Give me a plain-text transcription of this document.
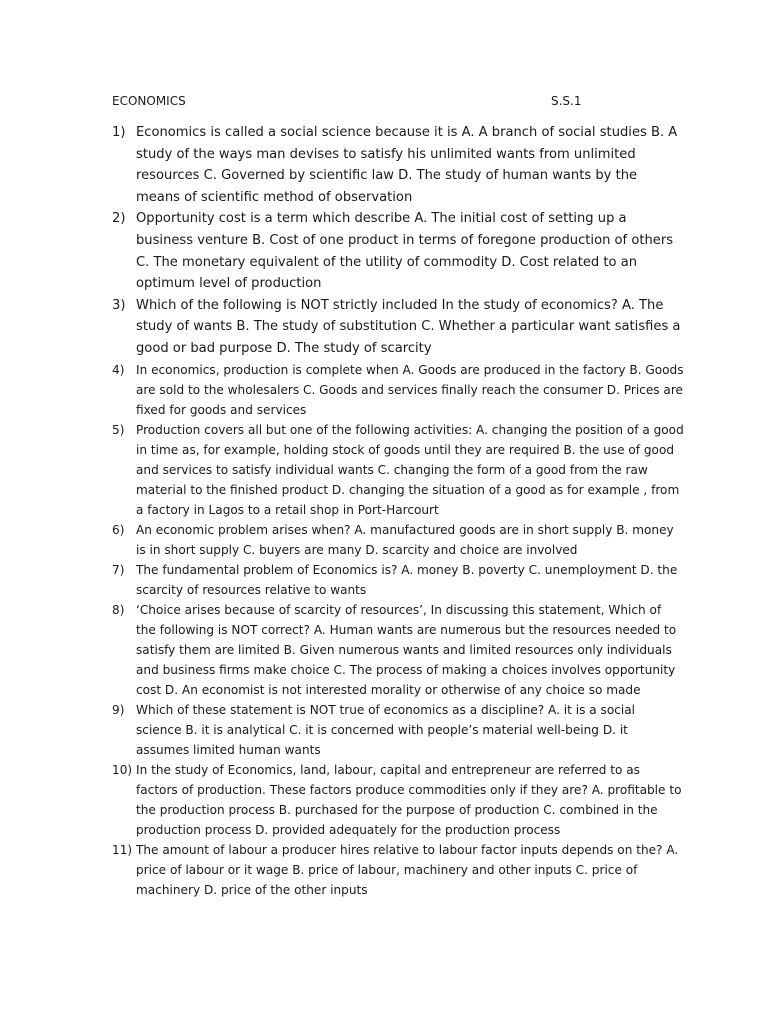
ECONOMICS	S.S.1
1) Economics is called a social science because it is A. A branch of social studies B. A study of the ways man devises to satisfy his unlimited wants from unlimited resources C. Governed by scientific law D. The study of human wants by the means of scientific method of observation
2) Opportunity cost is a term which describe A. The initial cost of setting up a business venture B. Cost of one product in terms of foregone production of others C. The monetary equivalent of the utility of commodity D. Cost related to an optimum level of production
3) Which of the following is NOT strictly included In the study of economics? A. The study of wants B. The study of substitution C. Whether a particular want satisfies a good or bad purpose D. The study of scarcity
4) In economics, production is complete when A. Goods are produced in the factory B. Goods are sold to the wholesalers C. Goods and services finally reach the consumer D. Prices are fixed for goods and services
5) Production covers all but one of the following activities: A. changing the position of a good in time as, for example, holding stock of goods until they are required B. the use of good and services to satisfy individual wants C. changing the form of a good from the raw material to the finished product D. changing the situation of a good as for example , from a factory in Lagos to a retail shop in Port-Harcourt
6) An economic problem arises when? A. manufactured goods are in short supply B. money is in short supply C. buyers are many D. scarcity and choice are involved
7) The fundamental problem of Economics is? A. money B. poverty C. unemployment D. the scarcity of resources relative to wants
8) ‘Choice arises because of scarcity of resources’, In discussing this statement, Which of the following is NOT correct? A. Human wants are numerous but the resources needed to satisfy them are limited B. Given numerous wants and limited resources only individuals and business firms make choice C. The process of making a choices involves opportunity cost D. An economist is not interested morality or otherwise of any choice so made
9) Which of these statement is NOT true of economics as a discipline? A. it is a social science B. it is analytical C. it is concerned with people’s material well-being D. it assumes limited human wants
10) In the study of Economics, land, labour, capital and entrepreneur are referred to as factors of production. These factors produce commodities only if they are? A. profitable to the production process B. purchased for the purpose of production C. combined in the production process D. provided adequately for the production process
11) The amount of labour a producer hires relative to labour factor inputs depends on the? A. price of labour or it wage B. price of labour, machinery and other inputs C. price of machinery D. price of the other inputs
